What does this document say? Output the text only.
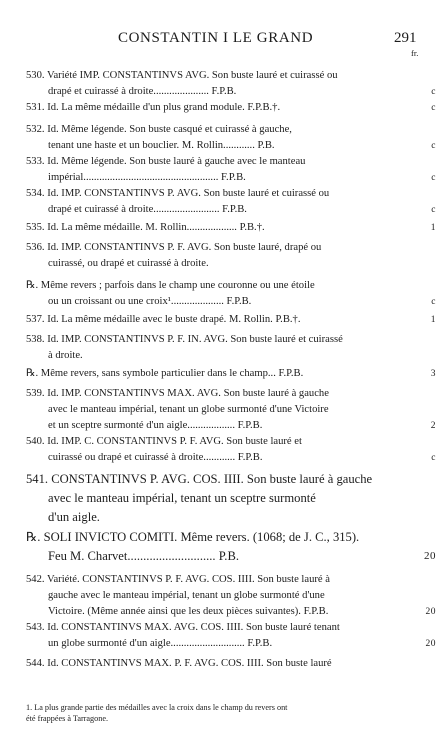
CONSTANTIN I LE GRAND	291
fr.
530. Variété IMP. CONSTANTINVS AVG. Son buste lauré et cuirassé ou
drapé et cuirassé à droite..................... F.P.B.	c
531. Id. La même médaille d'un plus grand module. F.P.B.†.	c
532. Id. Même légende. Son buste casqué et cuirassé à gauche,
tenant une haste et un bouclier. M. Rollin............ P.B.	c
533. Id. Même légende. Son buste lauré à gauche avec le manteau
impérial................................................... F.P.B.	c
534. Id. IMP. CONSTANTINVS P. AVG. Son buste lauré et cuirassé ou
drapé et cuirassé à droite......................... F.P.B.	c
535. Id. La même médaille. M. Rollin................... P.B.†.	1
536. Id. IMP. CONSTANTINVS P. F. AVG. Son buste lauré, drapé ou
cuirassé, ou drapé et cuirassé à droite.
℞. Même revers ; parfois dans le champ une couronne ou une étoile
ou un croissant ou une croix¹.................... F.P.B.	c
537. Id. La même médaille avec le buste drapé. M. Rollin. P.B.†.	1
538. Id. IMP. CONSTANTINVS P. F. IN. AVG. Son buste lauré et cuirassé
à droite.
℞. Même revers, sans symbole particulier dans le champ... F.P.B.	3
539. Id. IMP. CONSTANTINVS MAX. AVG. Son buste lauré à gauche
avec le manteau impérial, tenant un globe surmonté d'une Victoire
et un sceptre surmonté d'un aigle.................. F.P.B.	2
540. Id. IMP. C. CONSTANTINVS P. F. AVG. Son buste lauré et
cuirassé ou drapé et cuirassé à droite............ F.P.B.	c
541. CONSTANTINVS P. AVG. COS. IIII. Son buste lauré à gauche
avec le manteau impérial, tenant un sceptre surmonté
d'un aigle.
℞. SOLI INVICTO COMITI. Même revers. (1068; de J. C., 315).
Feu M. Charvet............................ P.B.	20
542. Variété. CONSTANTINVS P. F. AVG. COS. IIII. Son buste lauré à
gauche avec le manteau impérial, tenant un globe surmonté d'une
Victoire. (Même année ainsi que les deux pièces suivantes). F.P.B.	20
543. Id. CONSTANTINVS MAX. AVG. COS. IIII. Son buste lauré tenant
un globe surmonté d'un aigle............................ F.P.B.	20
544. Id. CONSTANTINVS MAX. P. F. AVG. COS. IIII. Son buste lauré
1. La plus grande partie des médailles avec la croix dans le champ du revers ont
été frappées à Tarragone.
